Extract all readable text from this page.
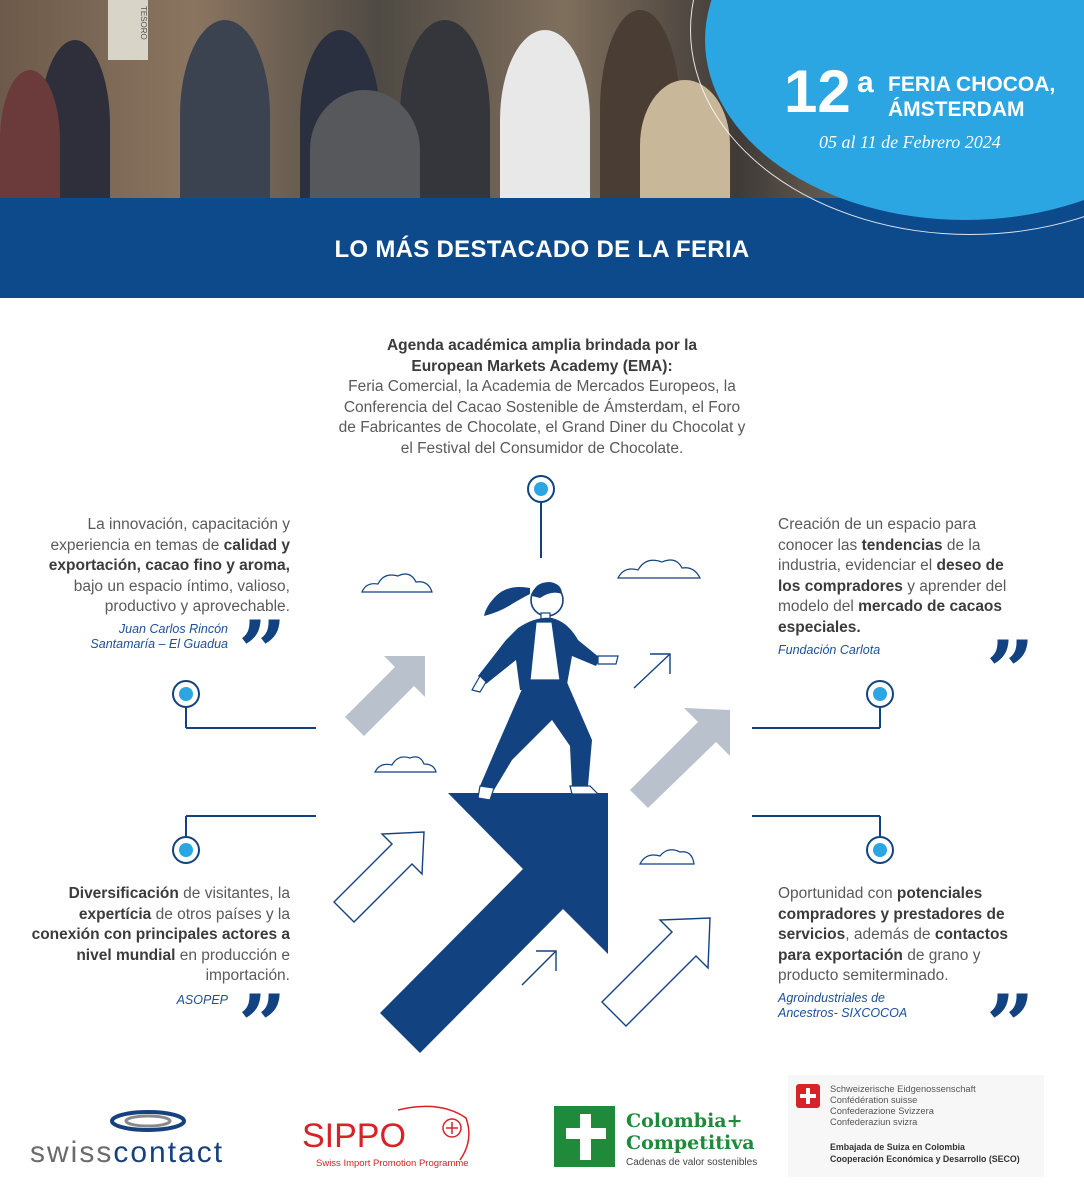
TESORO
12 a FERIA CHOCOA,
ÁMSTERDAM
05 al 11 de Febrero 2024
LO MÁS DESTACADO DE LA FERIA
Agenda académica amplia brindada por la
European Markets Academy (EMA):
Feria Comercial, la Academia de Mercados Europeos, la
Conferencia del Cacao Sostenible de Ámsterdam, el Foro
de Fabricantes de Chocolate, el Grand Diner du Chocolat y
el Festival del Consumidor de Chocolate.
La innovación, capacitación y experiencia en temas de calidad y exportación, cacao fino y aroma, bajo un espacio íntimo, valioso, productivo y aprovechable.
Juan Carlos Rincón
Santamaría – El Guadua ”
Creación de un espacio para conocer las tendencias de la industria, evidenciar el deseo de los compradores y aprender del modelo del mercado de cacaos especiales.
Fundación Carlota ”
Diversificación de visitantes, la expertícia de otros países y la conexión con principales actores a nivel mundial en producción e importación.
ASOPEP ”
Oportunidad con potenciales compradores y prestadores de servicios, además de contactos para exportación de grano y producto semiterminado.
Agroindustriales de
Ancestros- SIXCOCOA ”
swisscontact SIPPO
Swiss Import Promotion Programme
Colombia+
Competitiva
Cadenas de valor sostenibles
Schweizerische Eidgenossenschaft
Confédération suisse
Confederazione Svizzera
Confederaziun svizra
Embajada de Suiza en Colombia
Cooperación Económica y Desarrollo (SECO)
